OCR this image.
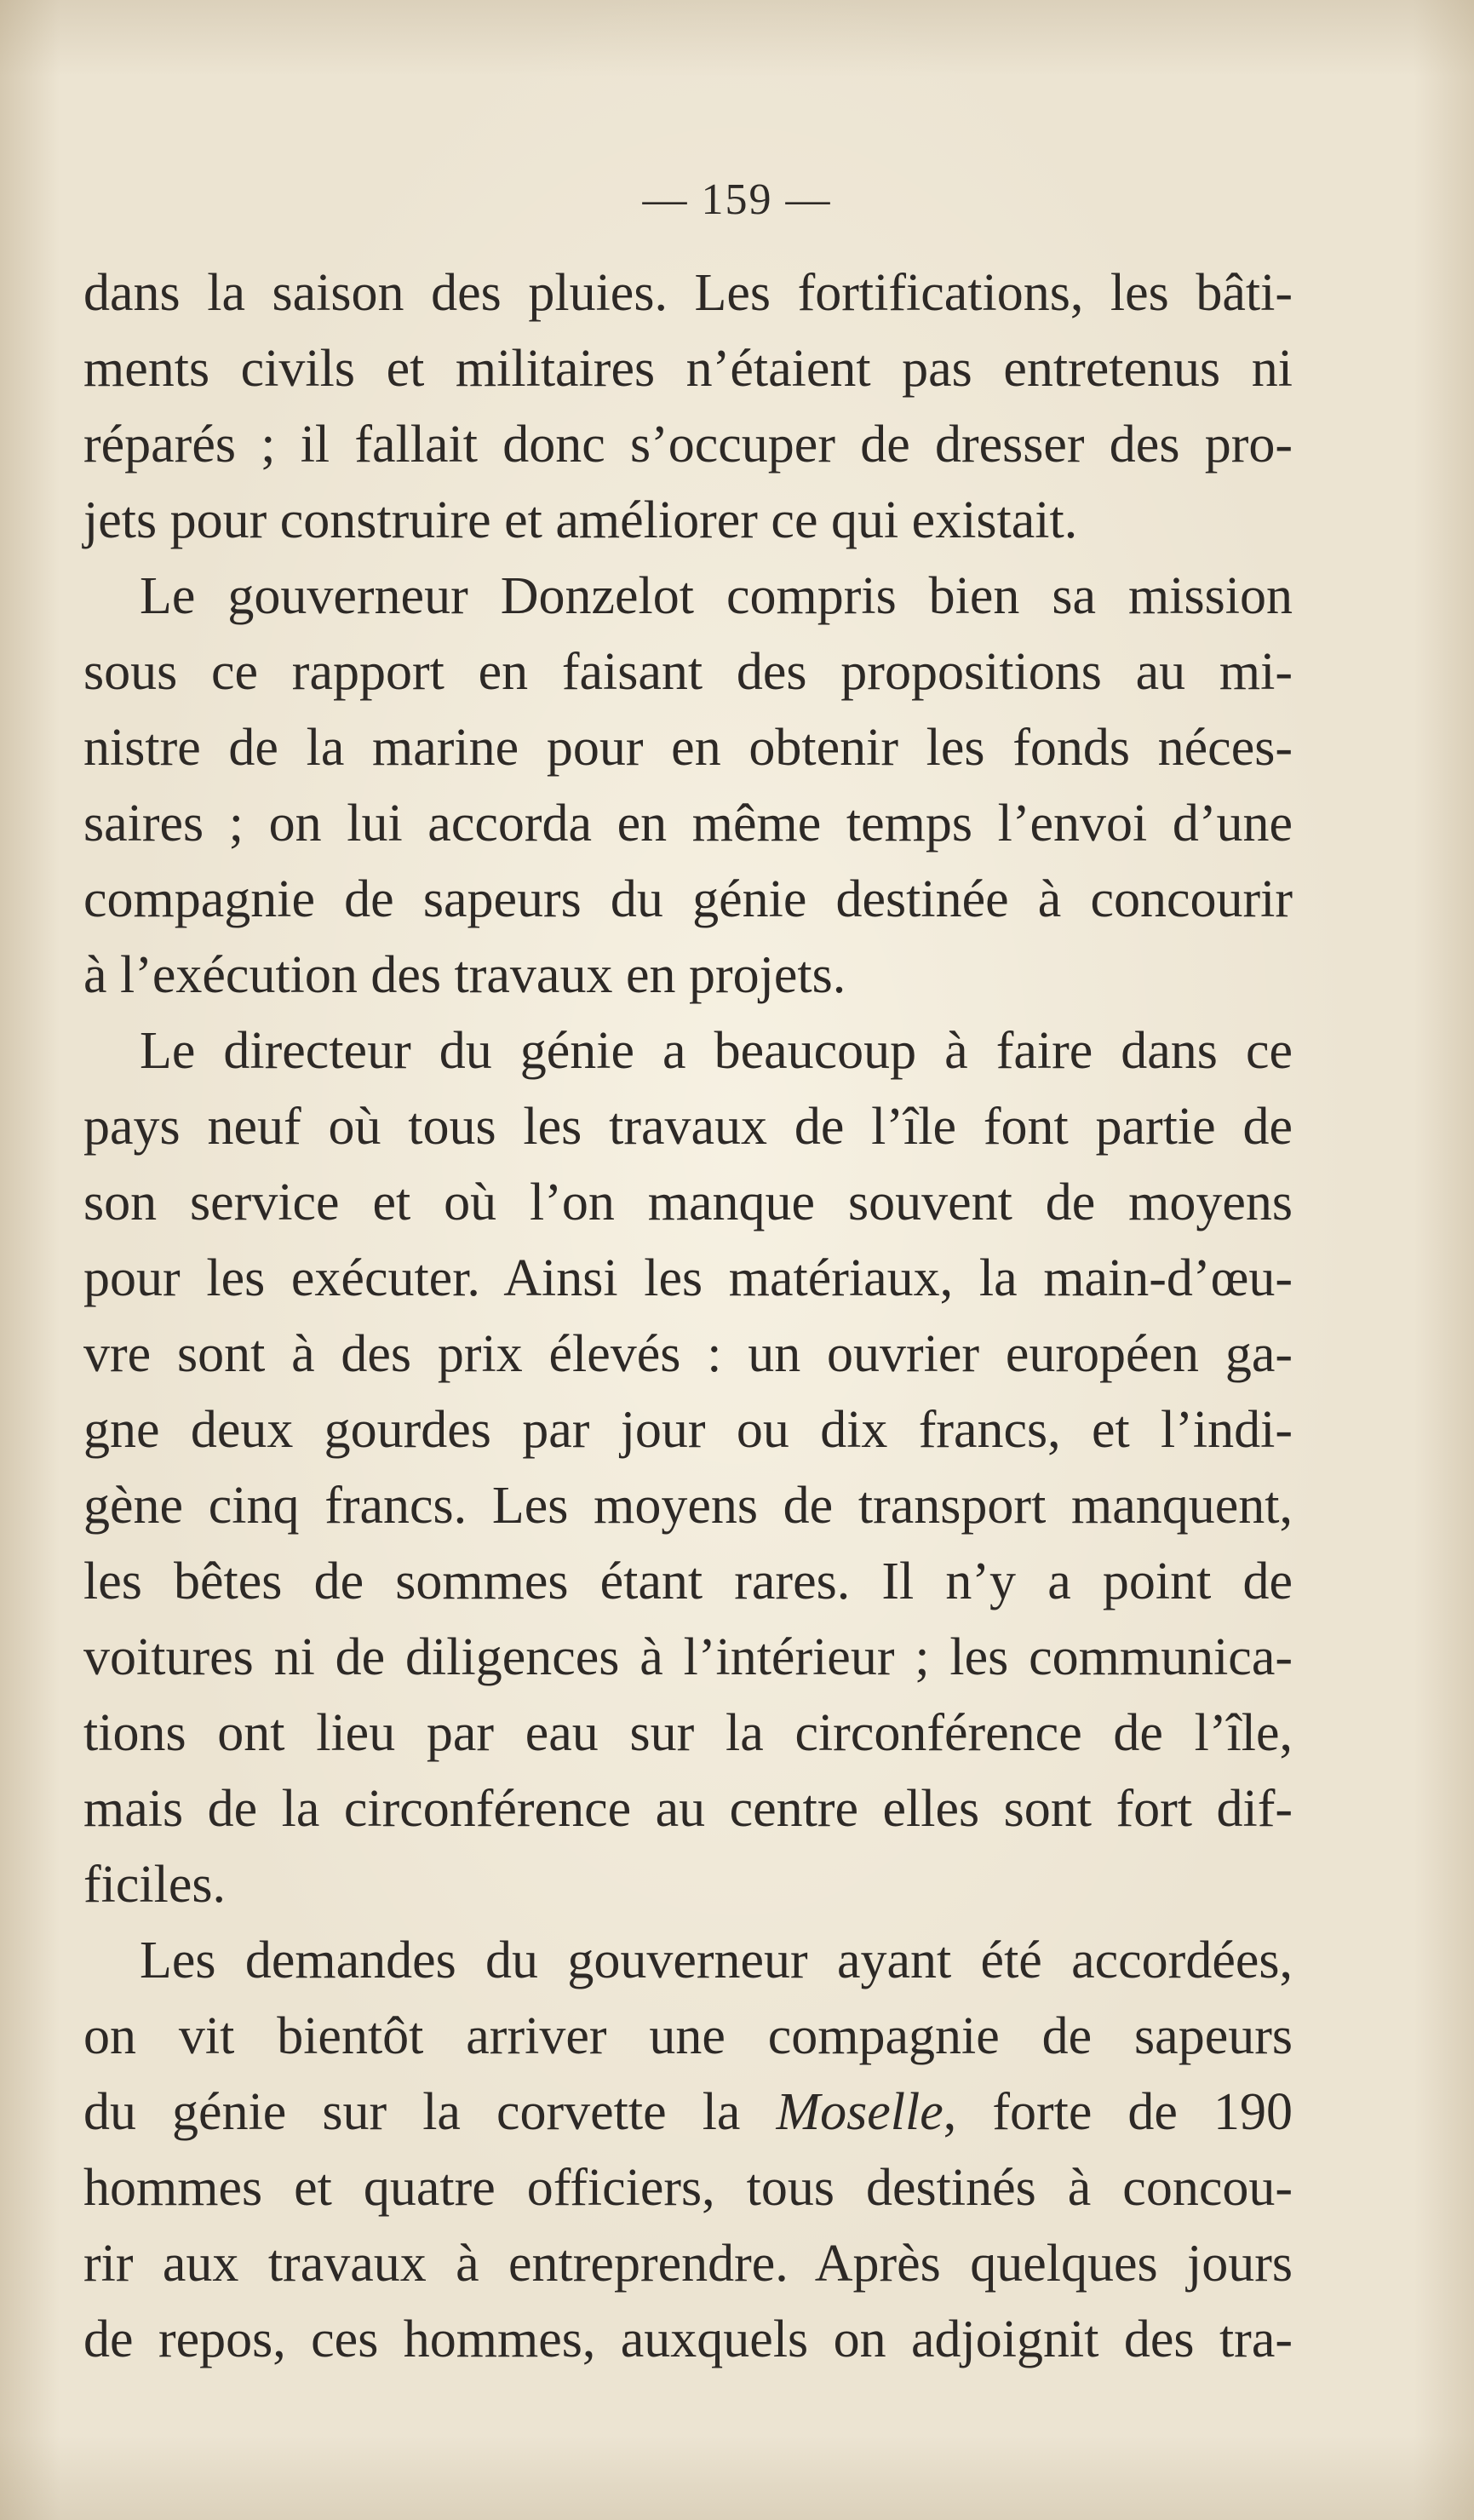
— 159 —
dans la saison des pluies. Les fortifications, les bâti-
ments civils et militaires n’étaient pas entretenus ni
réparés ; il fallait donc s’occuper de dresser des pro-
jets pour construire et améliorer ce qui existait.
Le gouverneur Donzelot compris bien sa mission
sous ce rapport en faisant des propositions au mi-
nistre de la marine pour en obtenir les fonds néces-
saires ; on lui accorda en même temps l’envoi d’une
compagnie de sapeurs du génie destinée à concourir
à l’exécution des travaux en projets.
Le directeur du génie a beaucoup à faire dans ce
pays neuf où tous les travaux de l’île font partie de
son service et où l’on manque souvent de moyens
pour les exécuter. Ainsi les matériaux, la main-d’œu-
vre sont à des prix élevés : un ouvrier européen ga-
gne deux gourdes par jour ou dix francs, et l’indi-
gène cinq francs. Les moyens de transport manquent,
les bêtes de sommes étant rares. Il n’y a point de
voitures ni de diligences à l’intérieur ; les communica-
tions ont lieu par eau sur la circonférence de l’île,
mais de la circonférence au centre elles sont fort dif-
ficiles.
Les demandes du gouverneur ayant été accordées,
on vit bientôt arriver une compagnie de sapeurs
du génie sur la corvette la Moselle, forte de 190
hommes et quatre officiers, tous destinés à concou-
rir aux travaux à entreprendre. Après quelques jours
de repos, ces hommes, auxquels on adjoignit des tra-
